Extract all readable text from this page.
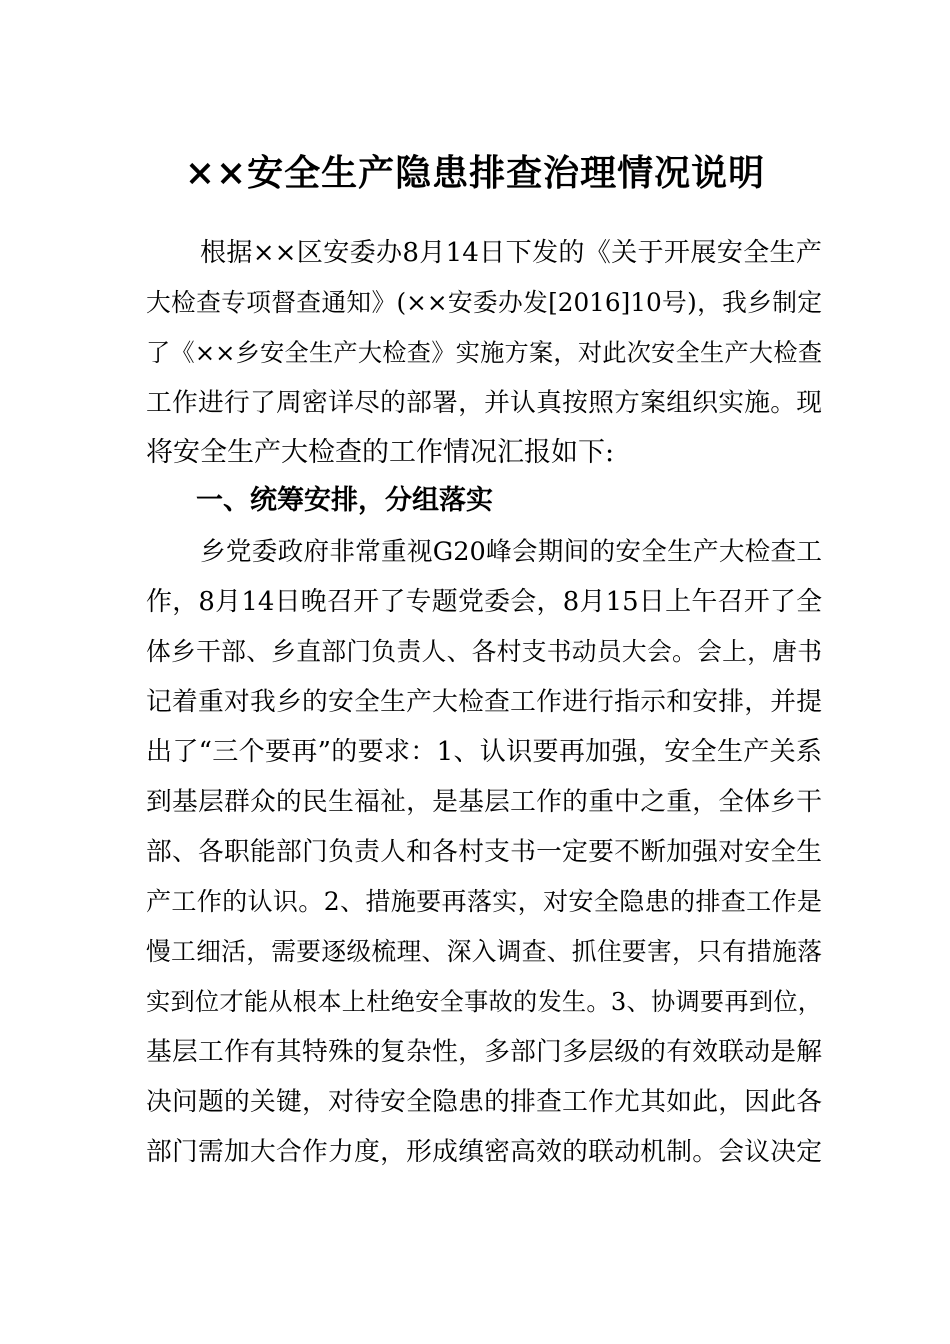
××安全生产隐患排查治理情况说明
根据××区安委办8月14日下发的《关于开展安全生产
大检查专项督查通知》(××安委办发[2016]10号)，我乡制定
了《××乡安全生产大检查》实施方案，对此次安全生产大检查
工作进行了周密详尽的部署，并认真按照方案组织实施。现
将安全生产大检查的工作情况汇报如下:
一、统筹安排，分组落实
乡党委政府非常重视G20峰会期间的安全生产大检查工
作，8月14日晚召开了专题党委会，8月15日上午召开了全
体乡干部、乡直部门负责人、各村支书动员大会。会上，唐书
记着重对我乡的安全生产大检查工作进行指示和安排，并提
出了“三个要再”的要求：1、认识要再加强，安全生产关系
到基层群众的民生福祉，是基层工作的重中之重，全体乡干
部、各职能部门负责人和各村支书一定要不断加强对安全生
产工作的认识。2、措施要再落实，对安全隐患的排查工作是
慢工细活，需要逐级梳理、深入调查、抓住要害，只有措施落
实到位才能从根本上杜绝安全事故的发生。3、协调要再到位，
基层工作有其特殊的复杂性，多部门多层级的有效联动是解
决问题的关键，对待安全隐患的排查工作尤其如此，因此各
部门需加大合作力度，形成缜密高效的联动机制。会议决定
